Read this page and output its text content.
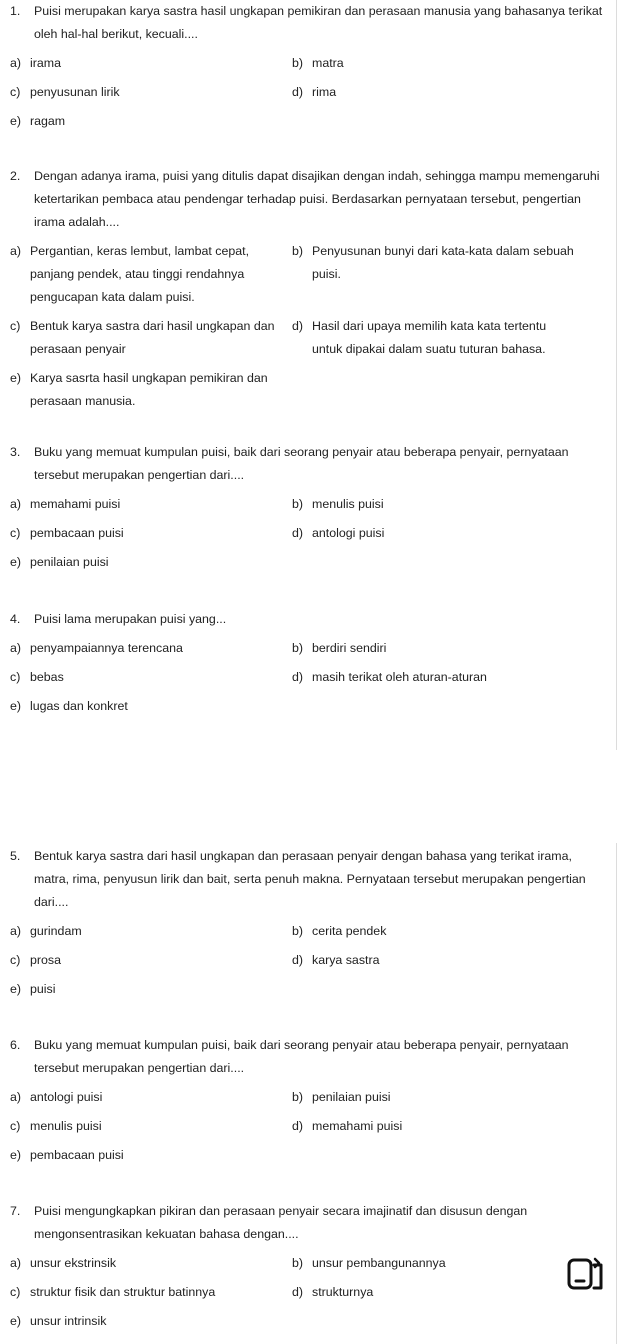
1. Puisi merupakan karya sastra hasil ungkapan pemikiran dan perasaan manusia yang bahasanya terikat oleh hal-hal berikut, kecuali....

a) irama	b) matra
c) penyusunan lirik	d) rima
e) ragam

2. Dengan adanya irama, puisi yang ditulis dapat disajikan dengan indah, sehingga mampu memengaruhi ketertarikan pembaca atau pendengar terhadap puisi. Berdasarkan pernyataan tersebut, pengertian irama adalah....

a) Pergantian, keras lembut, lambat cepat, panjang pendek, atau tinggi rendahnya pengucapan kata dalam puisi.
b) Penyusunan bunyi dari kata-kata dalam sebuah puisi.
c) Bentuk karya sastra dari hasil ungkapan dan perasaan penyair
d) Hasil dari upaya memilih kata kata tertentu untuk dipakai dalam suatu tuturan bahasa.
e) Karya sasrta hasil ungkapan pemikiran dan perasaan manusia.

3. Buku yang memuat kumpulan puisi, baik dari seorang penyair atau beberapa penyair, pernyataan tersebut merupakan pengertian dari....

a) memahami puisi	b) menulis puisi
c) pembacaan puisi	d) antologi puisi
e) penilaian puisi

4. Puisi lama merupakan puisi yang...

a) penyampaiannya terencana	b) berdiri sendiri
c) bebas	d) masih terikat oleh aturan-aturan
e) lugas dan konkret

5. Bentuk karya sastra dari hasil ungkapan dan perasaan penyair dengan bahasa yang terikat irama, matra, rima, penyusun lirik dan bait, serta penuh makna. Pernyataan tersebut merupakan pengertian dari....

a) gurindam	b) cerita pendek
c) prosa	d) karya sastra
e) puisi

6. Buku yang memuat kumpulan puisi, baik dari seorang penyair atau beberapa penyair, pernyataan tersebut merupakan pengertian dari....

a) antologi puisi	b) penilaian puisi
c) menulis puisi	d) memahami puisi
e) pembacaan puisi

7. Puisi mengungkapkan pikiran dan perasaan penyair secara imajinatif dan disusun dengan mengonsentrasikan kekuatan bahasa dengan....

a) unsur ekstrinsik	b) unsur pembangunannya
c) struktur fisik dan struktur batinnya	d) strukturnya
e) unsur intrinsik
